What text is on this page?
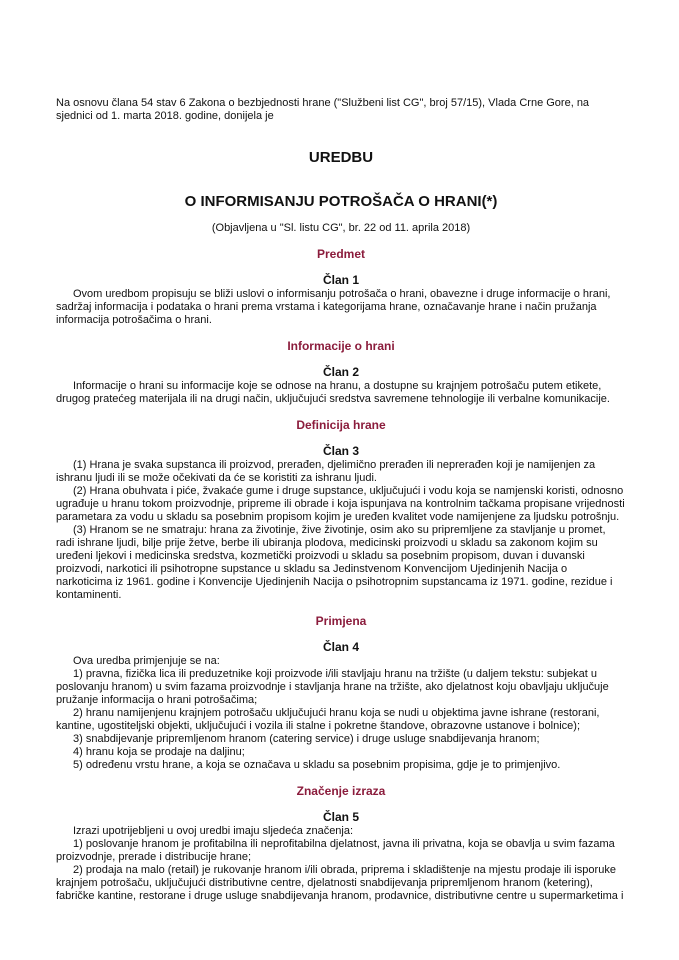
Na osnovu člana 54 stav 6 Zakona o bezbjednosti hrane ("Službeni list CG", broj 57/15), Vlada Crne Gore, na sjednici od 1. marta 2018. godine, donijela je

UREDBU

O INFORMISANJU POTROŠAČA O HRANI(*)

(Objavljena u "Sl. listu CG", br. 22 od 11. aprila 2018)

Predmet

Član 1

Ovom uredbom propisuju se bliži uslovi o informisanju potrošača o hrani, obavezne i druge informacije o hrani, sadržaj informacija i podataka o hrani prema vrstama i kategorijama hrane, označavanje hrane i način pružanja informacija potrošačima o hrani.

Informacije o hrani

Član 2

Informacije o hrani su informacije koje se odnose na hranu, a dostupne su krajnjem potrošaču putem etikete, drugog pratećeg materijala ili na drugi način, uključujući sredstva savremene tehnologije ili verbalne komunikacije.

Definicija hrane

Član 3

(1) Hrana je svaka supstanca ili proizvod, prerađen, djelimično prerađen ili neprerađen koji je namijenjen za ishranu ljudi ili se može očekivati da će se koristiti za ishranu ljudi.

(2) Hrana obuhvata i piće, žvakaće gume i druge supstance, uključujući i vodu koja se namjenski koristi, odnosno ugrađuje u hranu tokom proizvodnje, pripreme ili obrade i koja ispunjava na kontrolnim tačkama propisane vrijednosti parametara za vodu u skladu sa posebnim propisom kojim je uređen kvalitet vode namijenjene za ljudsku potrošnju.

(3) Hranom se ne smatraju: hrana za životinje, žive životinje, osim ako su pripremljene za stavljanje u promet, radi ishrane ljudi, bilje prije žetve, berbe ili ubiranja plodova, medicinski proizvodi u skladu sa zakonom kojim su uređeni ljekovi i medicinska sredstva, kozmetički proizvodi u skladu sa posebnim propisom, duvan i duvanski proizvodi, narkotici ili psihotropne supstance u skladu sa Jedinstvenom Konvencijom Ujedinjenih Nacija o narkoticima iz 1961. godine i Konvencije Ujedinjenih Nacija o psihotropnim supstancama iz 1971. godine, rezidue i kontaminenti.

Primjena

Član 4

Ova uredba primjenjuje se na:

1) pravna, fizička lica ili preduzetnike koji proizvode i/ili stavljaju hranu na tržište (u daljem tekstu: subjekat u poslovanju hranom) u svim fazama proizvodnje i stavljanja hrane na tržište, ako djelatnost koju obavljaju uključuje pružanje informacija o hrani potrošačima;

2) hranu namijenjenu krajnjem potrošaču uključujući hranu koja se nudi u objektima javne ishrane (restorani, kantine, ugostiteljski objekti, uključujući i vozila ili stalne i pokretne štandove, obrazovne ustanove i bolnice);

3) snabdijevanje pripremljenom hranom (catering service) i druge usluge snabdijevanja hranom;

4) hranu koja se prodaje na daljinu;

5) određenu vrstu hrane, a koja se označava u skladu sa posebnim propisima, gdje je to primjenjivo.

Značenje izraza

Član 5

Izrazi upotrijebljeni u ovoj uredbi imaju sljedeća značenja:

1) poslovanje hranom je profitabilna ili neprofitabilna djelatnost, javna ili privatna, koja se obavlja u svim fazama proizvodnje, prerade i distribucije hrane;

2) prodaja na malo (retail) je rukovanje hranom i/ili obrada, priprema i skladištenje na mjestu prodaje ili isporuke krajnjem potrošaču, uključujući distributivne centre, djelatnosti snabdijevanja pripremljenom hranom (ketering), fabričke kantine, restorane i druge usluge snabdijevanja hranom, prodavnice, distributivne centre u supermarketima i
